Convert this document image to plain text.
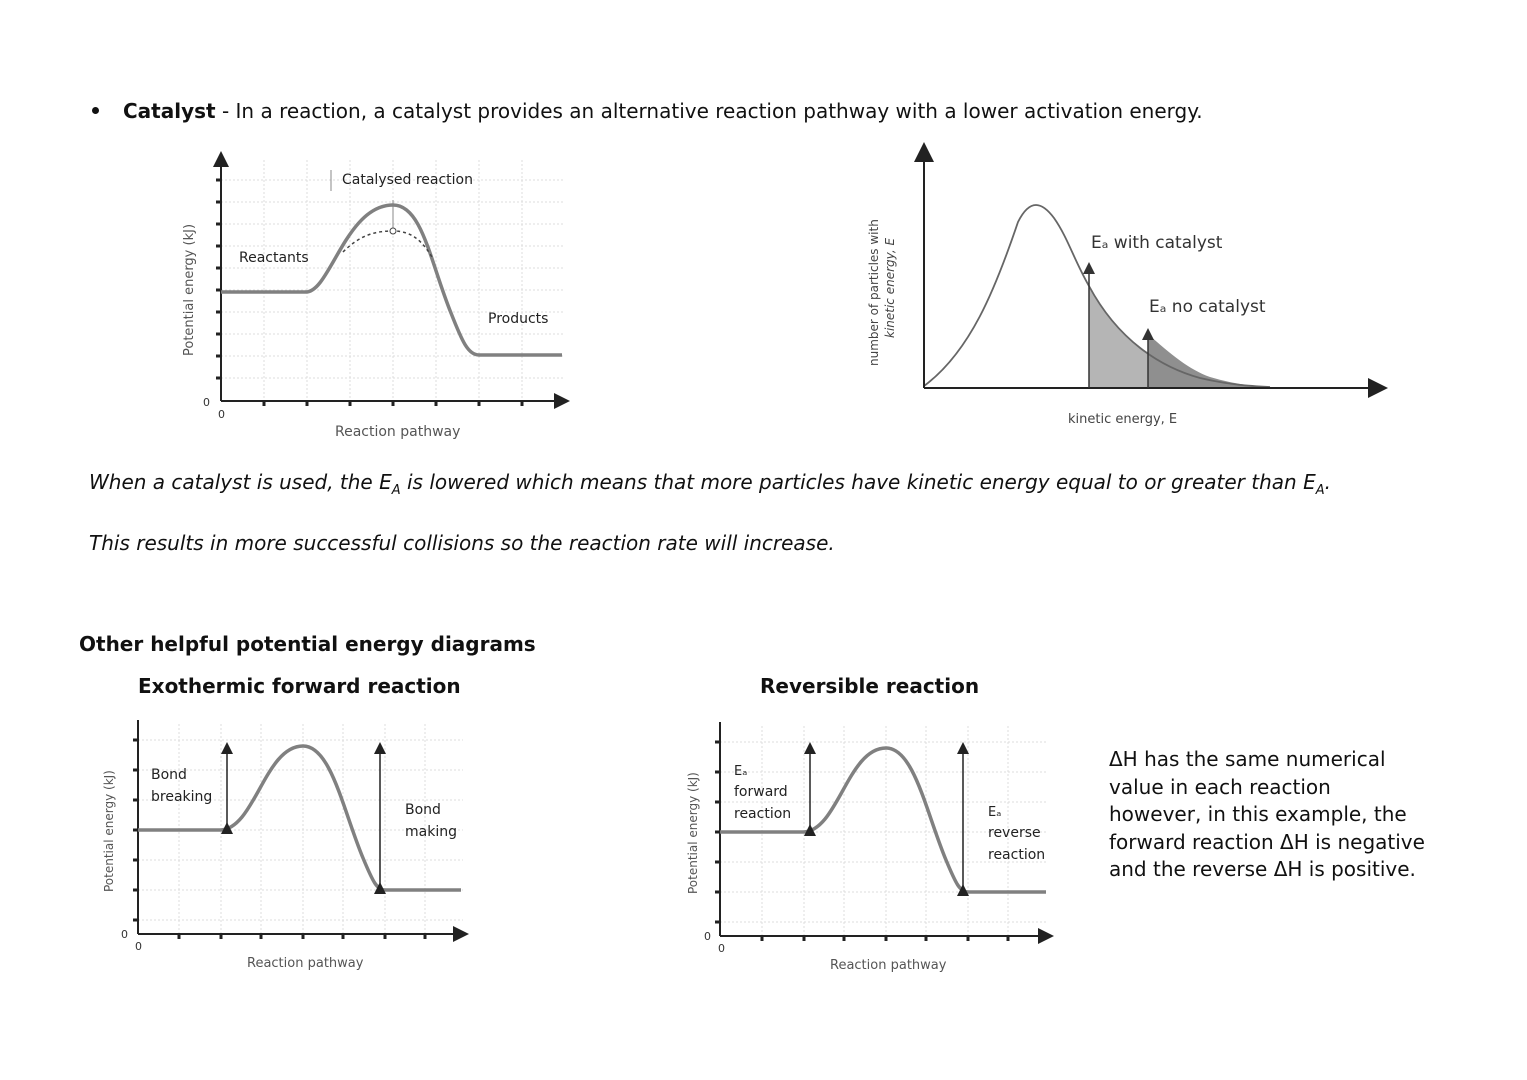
Catalyst - In a reaction, a catalyst provides an alternative reaction pathway with a lower activation energy.
Catalysed reaction
Reactants
Products
Potential energy (kJ)
Reaction pathway
0
0
Eₐ with catalyst
Eₐ no catalyst
number of particles with kinetic energy, E
kinetic energy, E
When a catalyst is used, the $E_A$ is lowered which means that more particles have kinetic energy equal to or greater than $E_A$.
This results in more successful collisions so the reaction rate will increase.
Other helpful potential energy diagrams
Exothermic forward reaction	Reversible reaction
Bond
breaking
Bond
making
Potential energy (kJ)
Reaction pathway
0
0
Eₐ
forward
reaction	Eₐ
reverse
reaction
Potential energy (kJ)
Reaction pathway
0
0
ΔH has the same numerical value in each reaction however, in this example, the forward reaction ΔH is negative and the reverse ΔH is positive.
